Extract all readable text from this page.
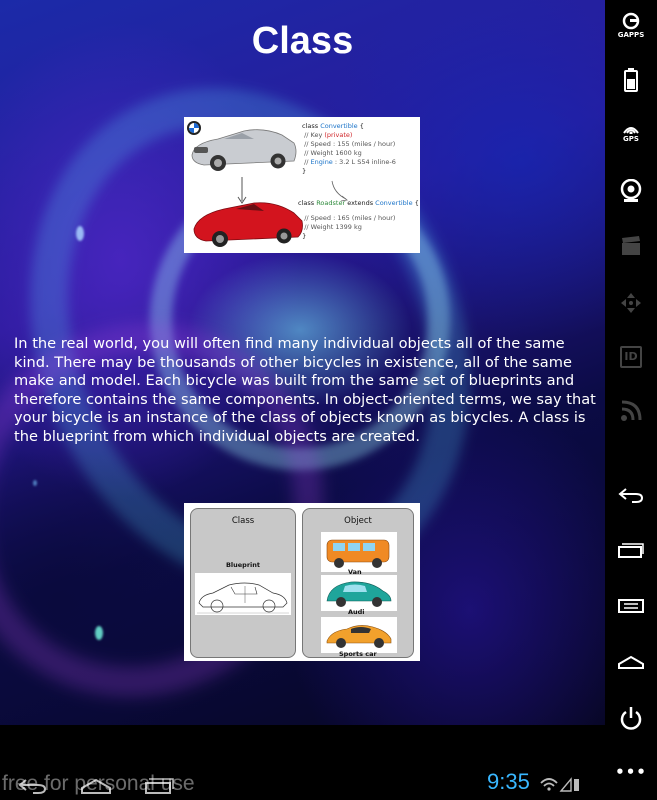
Class
class Convertible {
// Key (private)
// Speed : 155 (miles / hour)
// Weight 1600 kg
// Engine : 3.2 L S54 inline-6
}
class Roadster extends Convertible {
// Speed : 165 (miles / hour)
// Weight 1399 kg
}

In the real world, you will often find many individual objects all of the same kind. There may be thousands of other bicycles in existence, all of the same make and model. Each bicycle was built from the same set of blueprints and therefore contains the same components. In object-oriented terms, we say that your bicycle is an instance of the class of objects known as bicycles. A class is the blueprint from which individual objects are created.

Class
Blueprint
Object
Van
Audi
Sports car
GAPPS
GPS
ID
•••
free for personal use	9:35
